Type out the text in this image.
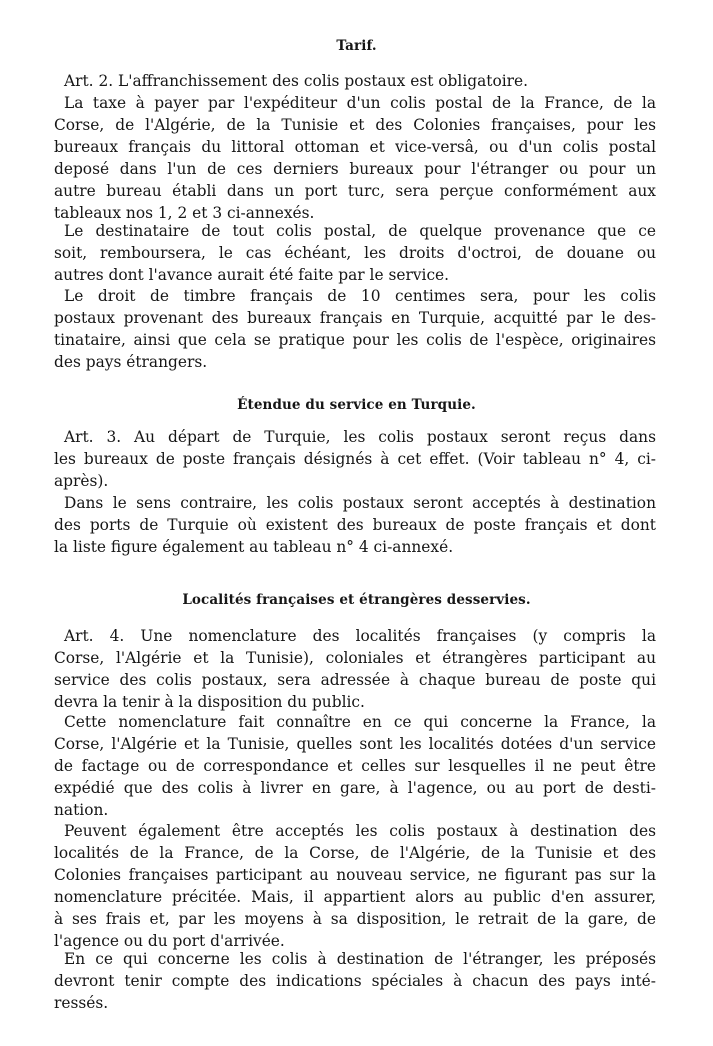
Tarif.
Art. 2. L'affranchissement des colis postaux est obligatoire.
La taxe à payer par l'expéditeur d'un colis postal de la France, de la
Corse, de l'Algérie, de la Tunisie et des Colonies françaises, pour les
bureaux français du littoral ottoman et vice-versâ, ou d'un colis postal
deposé dans l'un de ces derniers bureaux pour l'étranger ou pour un
autre bureau établi dans un port turc, sera perçue conformément aux
tableaux nos 1, 2 et 3 ci-annexés.
Le destinataire de tout colis postal, de quelque provenance que ce
soit, remboursera, le cas échéant, les droits d'octroi, de douane ou
autres dont l'avance aurait été faite par le service.
Le droit de timbre français de 10 centimes sera, pour les colis
postaux provenant des bureaux français en Turquie, acquitté par le des-
tinataire, ainsi que cela se pratique pour les colis de l'espèce, originaires
des pays étrangers.
Étendue du service en Turquie.
Art. 3. Au départ de Turquie, les colis postaux seront reçus dans
les bureaux de poste français désignés à cet effet. (Voir tableau n° 4, ci-
après).
Dans le sens contraire, les colis postaux seront acceptés à destination
des ports de Turquie où existent des bureaux de poste français et dont
la liste figure également au tableau n° 4 ci-annexé.
Localités françaises et étrangères desservies.
Art. 4. Une nomenclature des localités françaises (y compris la
Corse, l'Algérie et la Tunisie), coloniales et étrangères participant au
service des colis postaux, sera adressée à chaque bureau de poste qui
devra la tenir à la disposition du public.
Cette nomenclature fait connaître en ce qui concerne la France, la
Corse, l'Algérie et la Tunisie, quelles sont les localités dotées d'un service
de factage ou de correspondance et celles sur lesquelles il ne peut être
expédié que des colis à livrer en gare, à l'agence, ou au port de desti-
nation.
Peuvent également être acceptés les colis postaux à destination des
localités de la France, de la Corse, de l'Algérie, de la Tunisie et des
Colonies françaises participant au nouveau service, ne figurant pas sur la
nomenclature précitée. Mais, il appartient alors au public d'en assurer,
à ses frais et, par les moyens à sa disposition, le retrait de la gare, de
l'agence ou du port d'arrivée.
En ce qui concerne les colis à destination de l'étranger, les préposés
devront tenir compte des indications spéciales à chacun des pays inté-
ressés.
